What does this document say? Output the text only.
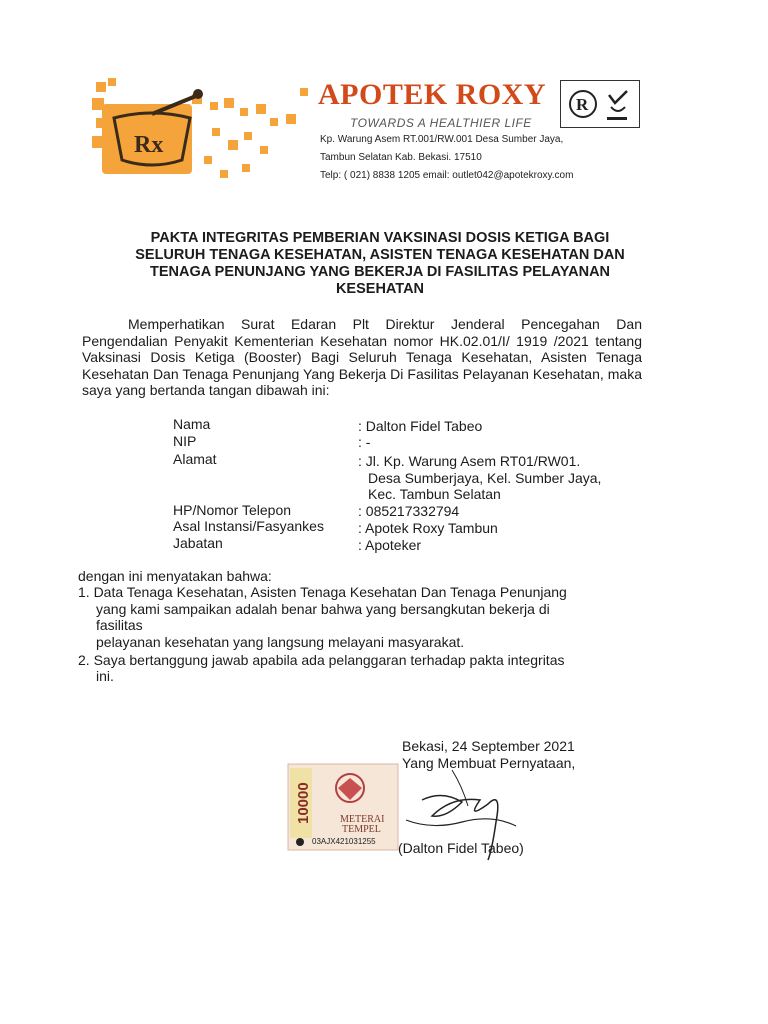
Rx
APOTEK ROXY
TOWARDS A HEALTHIER LIFE
Kp. Warung Asem RT.001/RW.001 Desa Sumber Jaya,
Tambun Selatan Kab. Bekasi. 17510
Telp: ( 021) 8838 1205 email: outlet042@apotekroxy.com
R
PAKTA INTEGRITAS PEMBERIAN VAKSINASI DOSIS KETIGA BAGI
SELURUH TENAGA KESEHATAN, ASISTEN TENAGA KESEHATAN DAN
TENAGA PENUNJANG YANG BEKERJA DI FASILITAS PELAYANAN
KESEHATAN
Memperhatikan Surat Edaran Plt Direktur Jenderal Pencegahan Dan Pengendalian Penyakit Kementerian Kesehatan nomor HK.02.01/I/ 1919 /2021 tentang Vaksinasi Dosis Ketiga (Booster) Bagi Seluruh Tenaga Kesehatan, Asisten Tenaga Kesehatan Dan Tenaga Penunjang Yang Bekerja Di Fasilitas Pelayanan Kesehatan, maka saya yang bertanda tangan dibawah ini:
Nama	: Dalton Fidel Tabeo
NIP	: -
Alamat	: Jl. Kp. Warung Asem RT01/RW01.
Desa Sumberjaya, Kel. Sumber Jaya,
Kec. Tambun Selatan
HP/Nomor Telepon	: 085217332794
Asal Instansi/Fasyankes : Apotek Roxy Tambun
Jabatan	: Apoteker
dengan ini menyatakan bahwa:
1. Data Tenaga Kesehatan, Asisten Tenaga Kesehatan Dan Tenaga Penunjang
yang kami sampaikan adalah benar bahwa yang bersangkutan bekerja di
fasilitas
pelayanan kesehatan yang langsung melayani masyarakat.
2. Saya bertanggung jawab apabila ada pelanggaran terhadap pakta integritas
ini.
Bekasi, 24 September 2021
Yang Membuat Pernyataan,
10000	METERAI
TEMPEL
03AJX421031255 (Dalton Fidel Tabeo)
